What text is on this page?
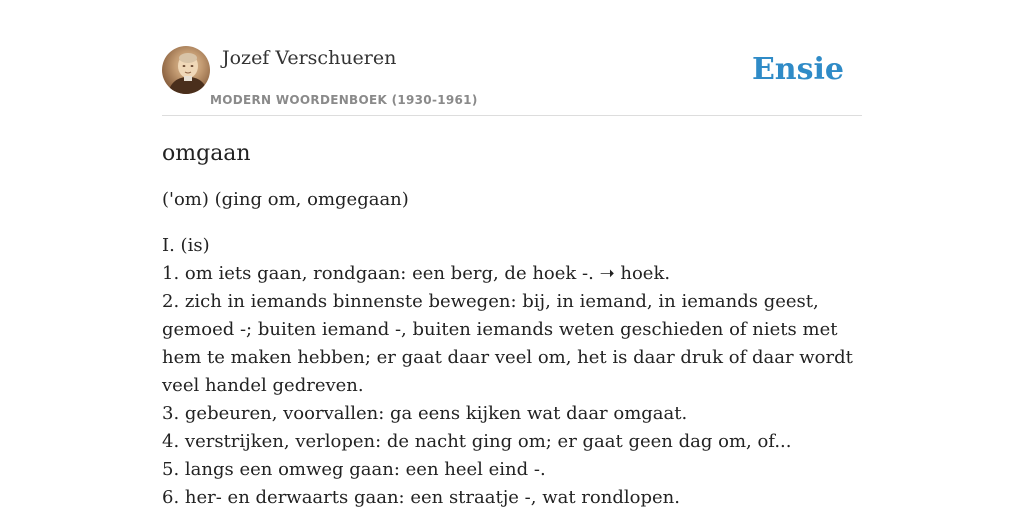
Jozef Verschueren
MODERN WOORDENBOEK (1930-1961)
Ensie
omgaan

('om) (ging om, omgegaan)

I. (is)
1. om iets gaan, rondgaan: een berg, de hoek -. ➝ hoek.
2. zich in iemands binnenste bewegen: bij, in iemand, in iemands geest, gemoed -; buiten iemand -, buiten iemands weten geschieden of niets met hem te maken hebben; er gaat daar veel om, het is daar druk of daar wordt veel handel gedreven.
3. gebeuren, voorvallen: ga eens kijken wat daar omgaat.
4. verstrijken, verlopen: de nacht ging om; er gaat geen dag om, of...
5. langs een omweg gaan: een heel eind -.
6. her- en derwaarts gaan: een straatje -, wat rondlopen.
